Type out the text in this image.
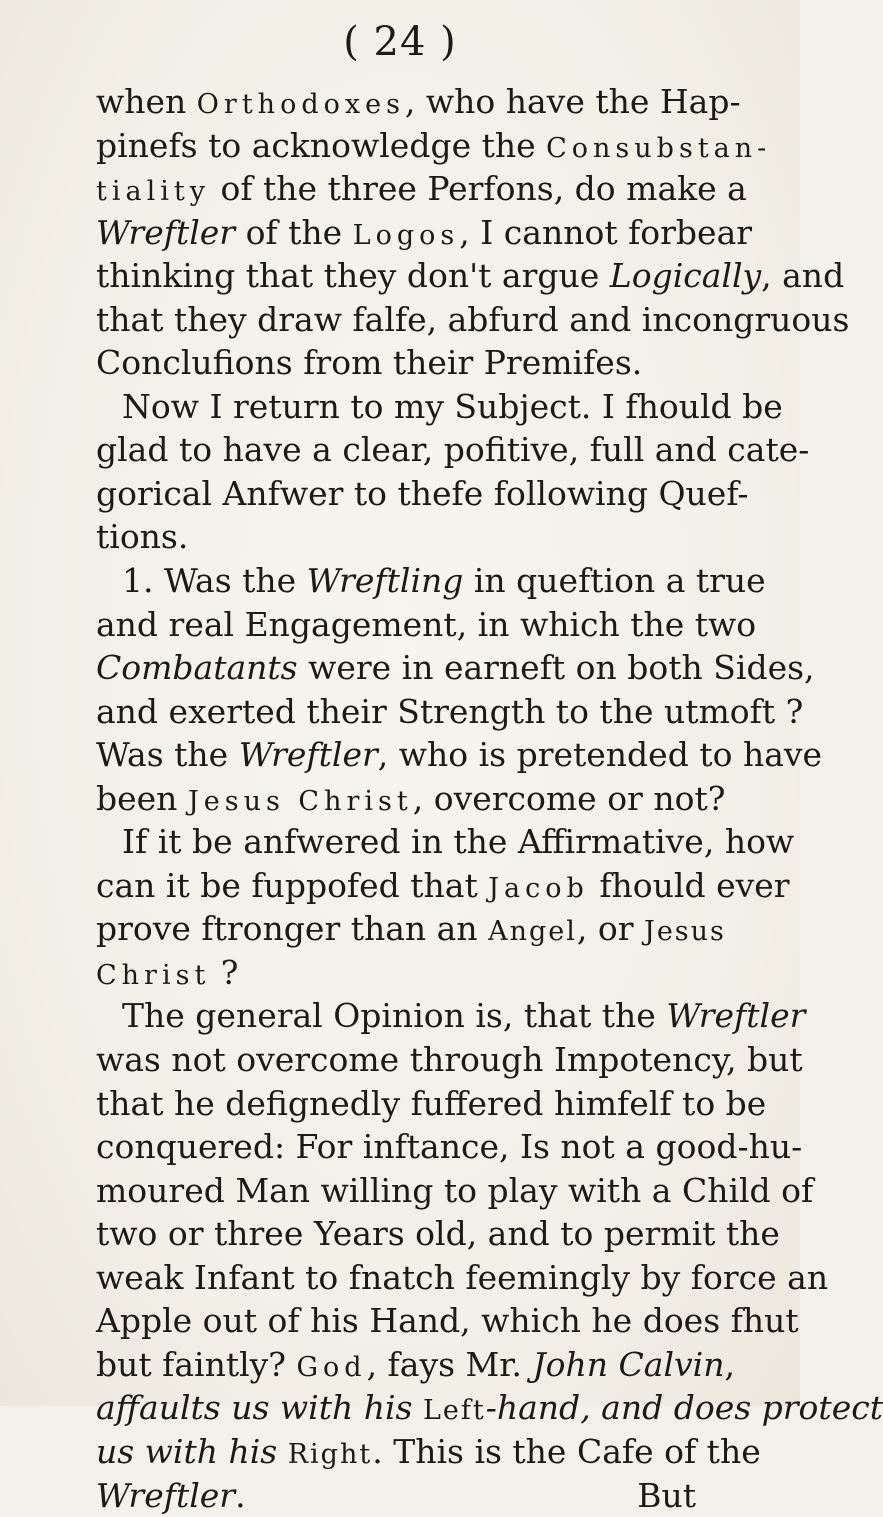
( 24 )
when Orthodoxes, who have the Hap-
pinefs to acknowledge the Consubstan-
tiality of the three Perfons, do make a
Wreftler of the Logos, I cannot forbear
thinking that they don't argue Logically, and
that they draw falfe, abfurd and incongruous
Conclufions from their Premifes.
Now I return to my Subject. I fhould be
glad to have a clear, pofitive, full and cate-
gorical Anfwer to thefe following Quef-
tions.
1. Was the Wreftling in queftion a true
and real Engagement, in which the two
Combatants were in earneft on both Sides,
and exerted their Strength to the utmoft ?
Was the Wreftler, who is pretended to have
been Jesus Christ, overcome or not?
If it be anfwered in the Affirmative, how
can it be fuppofed that Jacob fhould ever
prove ftronger than an Angel, or Jesus
Christ ?
The general Opinion is, that the Wreftler
was not overcome through Impotency, but
that he defignedly fuffered himfelf to be
conquered: For inftance, Is not a good-hu-
moured Man willing to play with a Child of
two or three Years old, and to permit the
weak Infant to fnatch feemingly by force an
Apple out of his Hand, which he does fhut
but faintly? God, fays Mr. John Calvin,
affaults us with his Left-hand, and does protect
us with his Right. This is the Cafe of the
Wreftler.	But
